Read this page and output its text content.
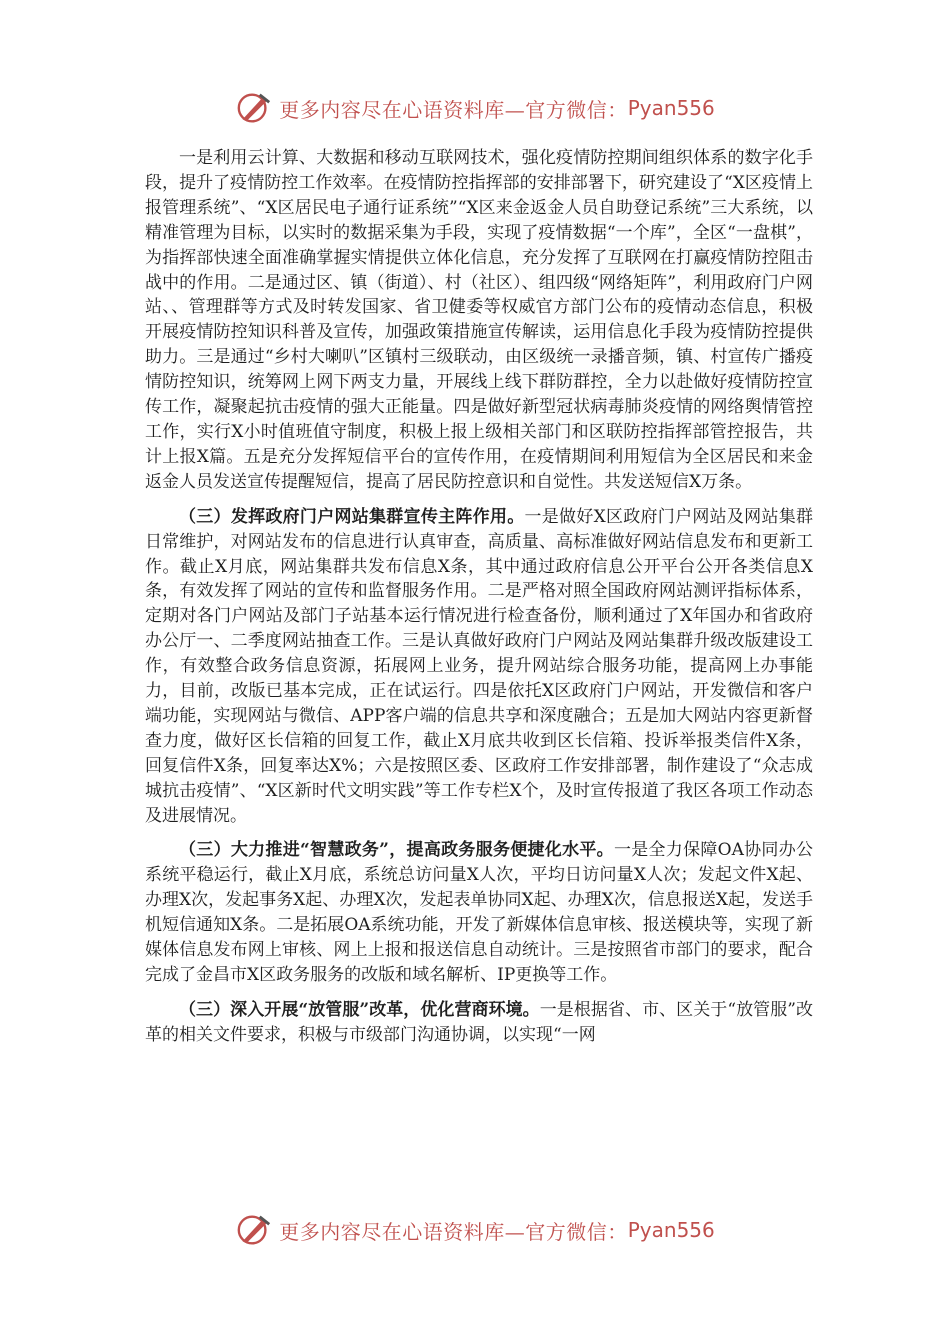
更多内容尽在心语资料库—官方微信： Pyan556

一是利用云计算、大数据和移动互联网技术，强化疫情防控期间组织体系的数字化手段，提升了疫情防控工作效率。在疫情防控指挥部的安排部署下，研究建设了“X区疫情上报管理系统”、“X区居民电子通行证系统”“X区来金返金人员自助登记系统”三大系统，以精准管理为目标，以实时的数据采集为手段，实现了疫情数据“一个库”，全区“一盘棋”，为指挥部快速全面准确掌握实情提供立体化信息，充分发挥了互联网在打赢疫情防控阻击战中的作用。二是通过区、镇（街道）、村（社区）、组四级“网络矩阵”，利用政府门户网站、、管理群等方式及时转发国家、省卫健委等权威官方部门公布的疫情动态信息，积极开展疫情防控知识科普及宣传，加强政策措施宣传解读，运用信息化手段为疫情防控提供助力。三是通过“乡村大喇叭”区镇村三级联动，由区级统一录播音频，镇、村宣传广播疫情防控知识，统筹网上网下两支力量，开展线上线下群防群控，全力以赴做好疫情防控宣传工作，凝聚起抗击疫情的强大正能量。四是做好新型冠状病毒肺炎疫情的网络舆情管控工作，实行X小时值班值守制度，积极上报上级相关部门和区联防控指挥部管控报告，共计上报X篇。五是充分发挥短信平台的宣传作用，在疫情期间利用短信为全区居民和来金返金人员发送宣传提醒短信，提高了居民防控意识和自觉性。共发送短信X万条。

（三）发挥政府门户网站集群宣传主阵作用。一是做好X区政府门户网站及网站集群日常维护，对网站发布的信息进行认真审查，高质量、高标准做好网站信息发布和更新工作。截止X月底，网站集群共发布信息X条，其中通过政府信息公开平台公开各类信息X条，有效发挥了网站的宣传和监督服务作用。二是严格对照全国政府网站测评指标体系，定期对各门户网站及部门子站基本运行情况进行检查备份，顺利通过了X年国办和省政府办公厅一、二季度网站抽查工作。三是认真做好政府门户网站及网站集群升级改版建设工作，有效整合政务信息资源，拓展网上业务，提升网站综合服务功能，提高网上办事能力，目前，改版已基本完成，正在试运行。四是依托X区政府门户网站，开发微信和客户端功能，实现网站与微信、APP客户端的信息共享和深度融合；五是加大网站内容更新督查力度，做好区长信箱的回复工作，截止X月底共收到区长信箱、投诉举报类信件X条，回复信件X条，回复率达X%；六是按照区委、区政府工作安排部署，制作建设了“众志成城抗击疫情”、“X区新时代文明实践”等工作专栏X个，及时宣传报道了我区各项工作动态及进展情况。

（三）大力推进“智慧政务”，提高政务服务便捷化水平。一是全力保障OA协同办公系统平稳运行，截止X月底，系统总访问量X人次，平均日访问量X人次；发起文件X起、办理X次，发起事务X起、办理X次，发起表单协同X起、办理X次，信息报送X起，发送手机短信通知X条。二是拓展OA系统功能，开发了新媒体信息审核、报送模块等，实现了新媒体信息发布网上审核、网上上报和报送信息自动统计。三是按照省市部门的要求，配合完成了金昌市X区政务服务的改版和域名解析、IP更换等工作。

（三）深入开展“放管服”改革，优化营商环境。一是根据省、市、区关于“放管服”改革的相关文件要求，积极与市级部门沟通协调，以实现“一网

更多内容尽在心语资料库—官方微信： Pyan556
